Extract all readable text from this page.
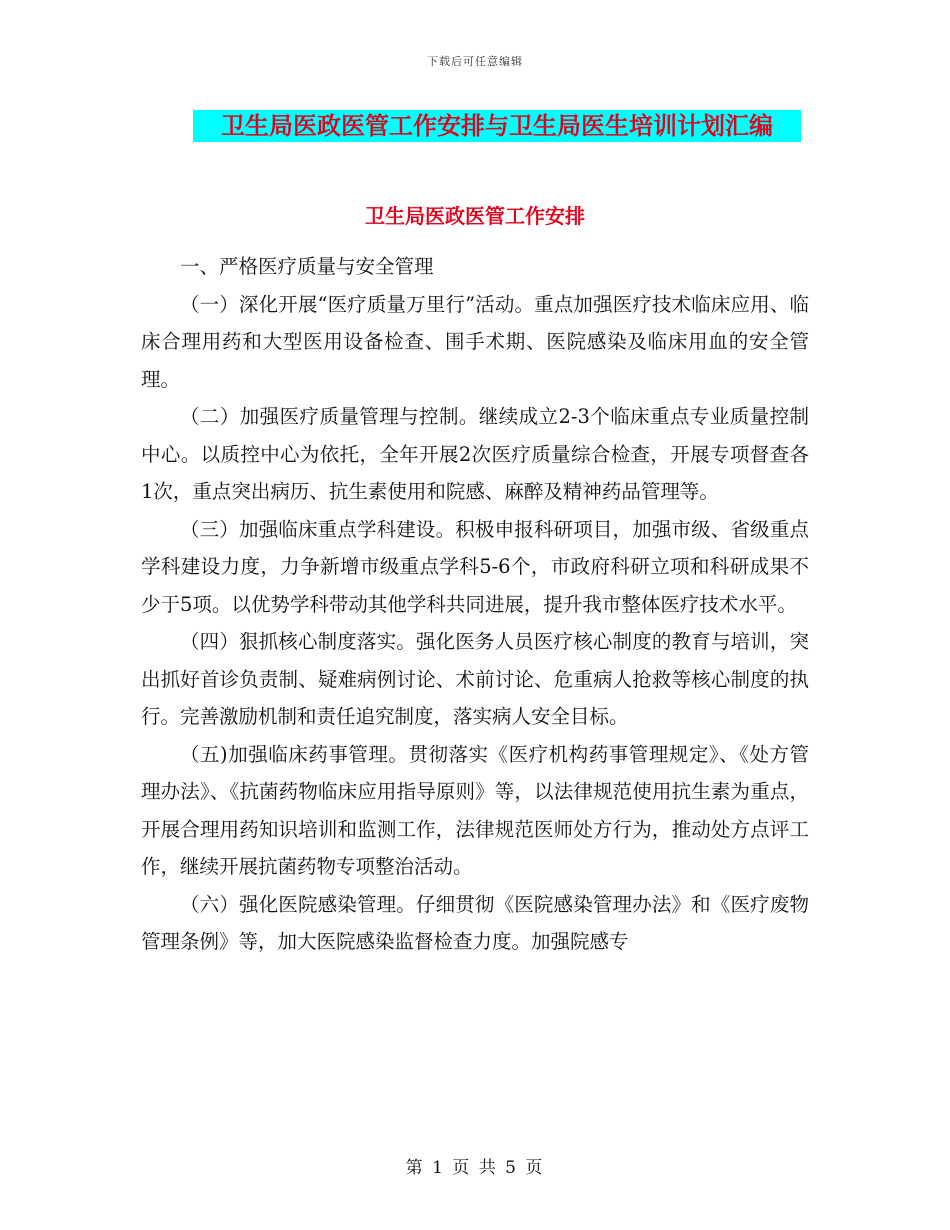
下载后可任意编辑
卫生局医政医管工作安排与卫生局医生培训计划汇编
卫生局医政医管工作安排

一、严格医疗质量与安全管理

（一）深化开展“医疗质量万里行”活动。重点加强医疗技术临床应用、临床合理用药和大型医用设备检查、围手术期、医院感染及临床用血的安全管理。

（二）加强医疗质量管理与控制。继续成立2-3个临床重点专业质量控制中心。以质控中心为依托，全年开展2次医疗质量综合检查，开展专项督查各1次，重点突出病历、抗生素使用和院感、麻醉及精神药品管理等。

（三）加强临床重点学科建设。积极申报科研项目，加强市级、省级重点学科建设力度，力争新增市级重点学科5-6个，市政府科研立项和科研成果不少于5项。以优势学科带动其他学科共同进展，提升我市整体医疗技术水平。

（四）狠抓核心制度落实。强化医务人员医疗核心制度的教育与培训，突出抓好首诊负责制、疑难病例讨论、术前讨论、危重病人抢救等核心制度的执行。完善激励机制和责任追究制度，落实病人安全目标。

（五)加强临床药事管理。贯彻落实《医疗机构药事管理规定》、《处方管理办法》、《抗菌药物临床应用指导原则》等，以法律规范使用抗生素为重点，开展合理用药知识培训和监测工作，法律规范医师处方行为，推动处方点评工作，继续开展抗菌药物专项整治活动。

（六）强化医院感染管理。仔细贯彻《医院感染管理办法》和《医疗废物管理条例》等，加大医院感染监督检查力度。加强院感专

第 1 页 共 5 页
